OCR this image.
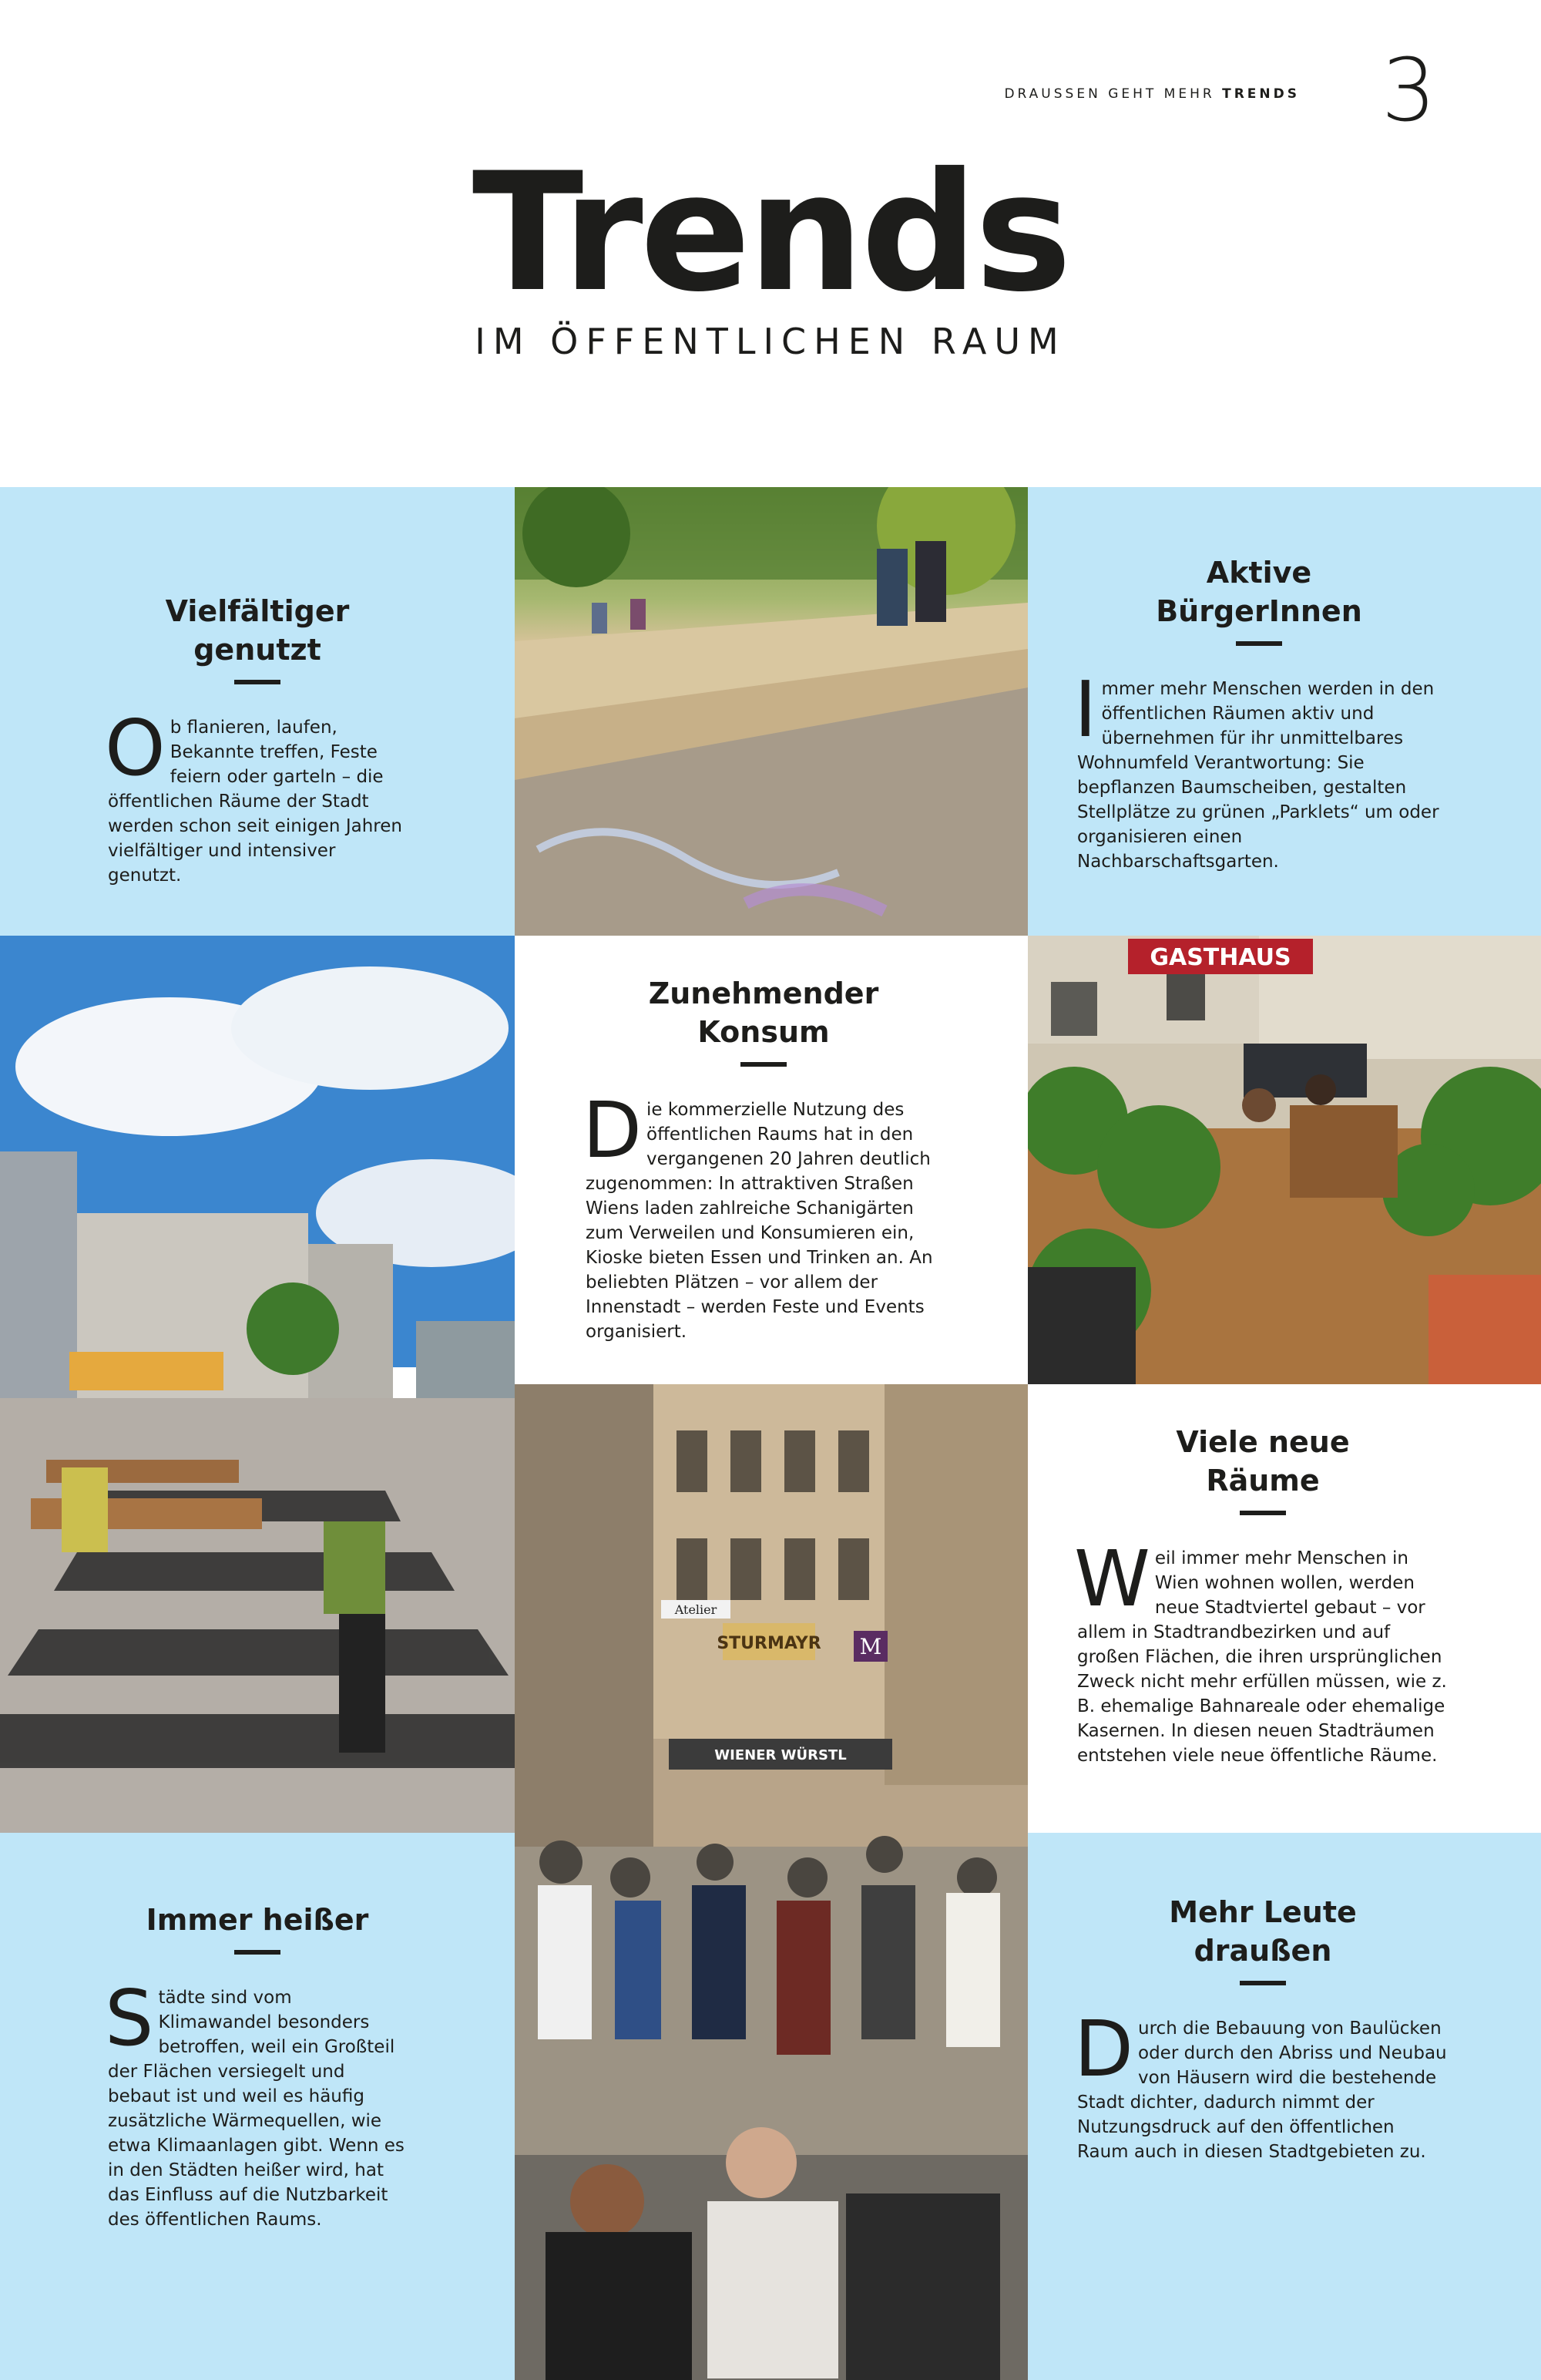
DRAUSSEN GEHT MEHR TRENDS 3
Trends
IM ÖFFENTLICHEN RAUM
Vielfältiger genutzt

Ob flanieren, laufen, Bekannte treffen, Feste feiern oder garteln – die öffentlichen Räume der Stadt werden schon seit einigen Jahren vielfältiger und intensiver genutzt.

Aktive BürgerInnen

Immer mehr Menschen werden in den öffentlichen Räumen aktiv und übernehmen für ihr unmittelbares Wohnumfeld Verantwortung: Sie bepflanzen Baumscheiben, gestalten Stellplätze zu grünen „Parklets“ um oder organisieren einen Nachbarschaftsgarten.

Zunehmender Konsum

Die kommerzielle Nutzung des öffentlichen Raums hat in den vergangenen 20 Jahren deutlich zugenommen: In attraktiven Straßen Wiens laden zahlreiche Schanigärten zum Verweilen und Konsumieren ein, Kioske bieten Essen und Trinken an. An beliebten Plätzen – vor allem der Innenstadt – werden Feste und Events organisiert.

GASTHAUS
STURMAYR
Atelier
WIENER WÜRSTL
M
Viele neue Räume

Weil immer mehr Menschen in Wien wohnen wollen, werden neue Stadtviertel gebaut – vor allem in Stadtrandbezirken und auf großen Flächen, die ihren ursprünglichen Zweck nicht mehr erfüllen müssen, wie z. B. ehemalige Bahnareale oder ehemalige Kasernen. In diesen neuen Stadträumen entstehen viele neue öffentliche Räume.

Immer heißer

Städte sind vom Klimawandel besonders betroffen, weil ein Großteil der Flächen versiegelt und bebaut ist und weil es häufig zusätzliche Wärmequellen, wie etwa Klimaanlagen gibt. Wenn es in den Städten heißer wird, hat das Einfluss auf die Nutzbarkeit des öffentlichen Raums.

Mehr Leute draußen

Durch die Bebauung von Baulücken oder durch den Abriss und Neubau von Häusern wird die bestehende Stadt dichter, dadurch nimmt der Nutzungsdruck auf den öffentlichen Raum auch in diesen Stadtgebieten zu.
